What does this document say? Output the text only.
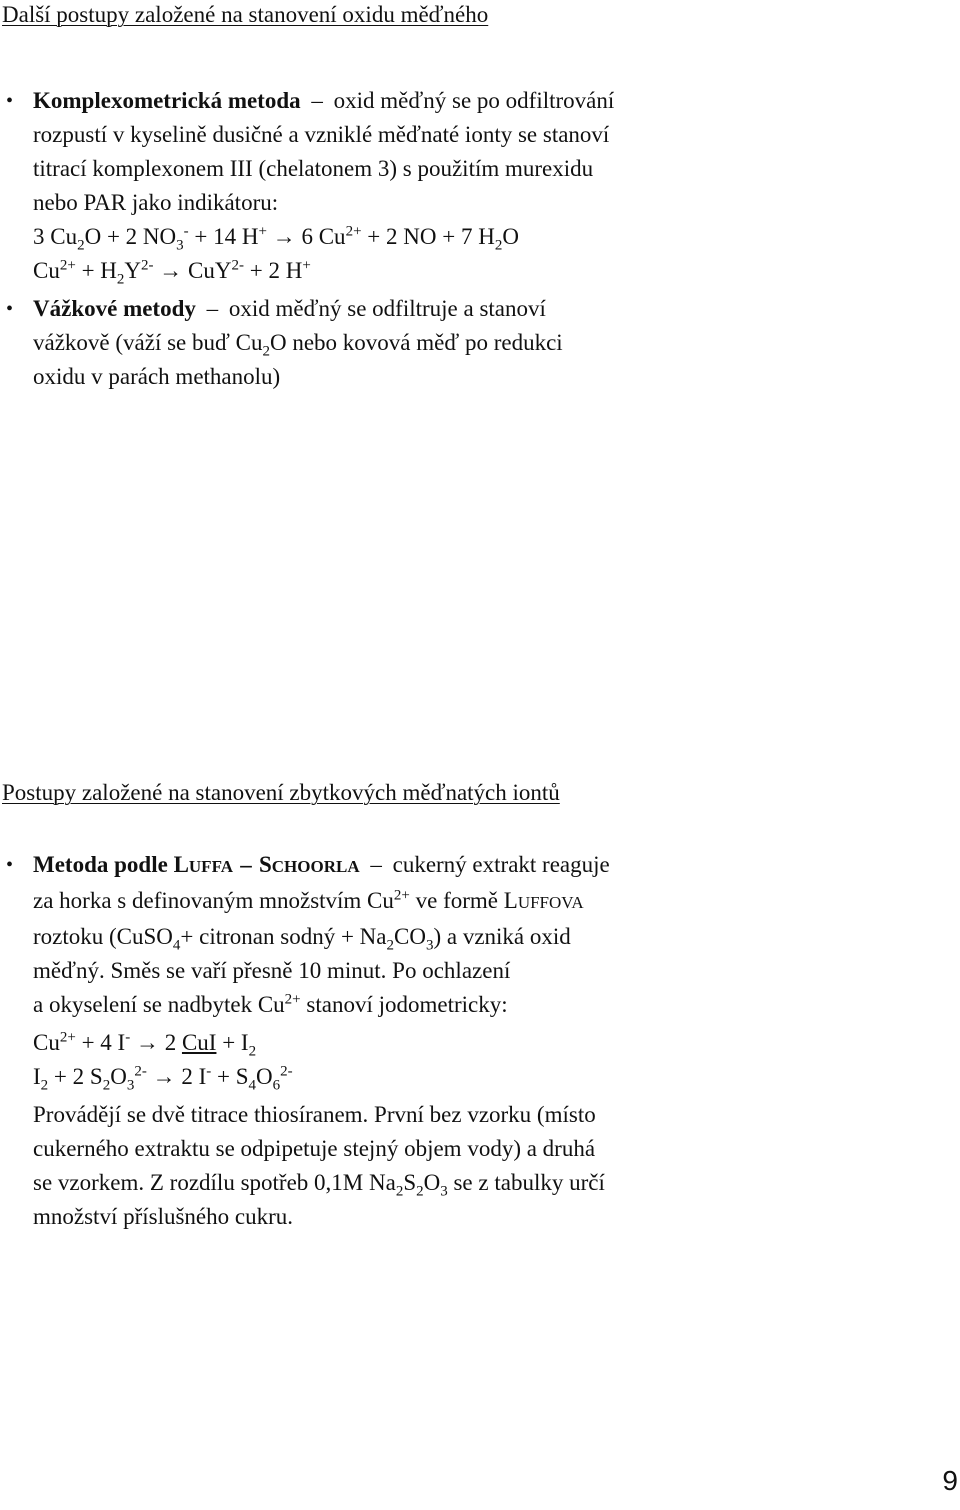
Další postupy založené na stanovení oxidu měďného
• Komplexometrická metoda – oxid měďný se po odfiltrování
rozpustí v kyselině dusičné a vzniklé měďnaté ionty se stanoví
titrací komplexonem III (chelatonem 3) s použitím murexidu
nebo PAR jako indikátoru:
3 $Cu_2O + 2$ $NO_3^- + 14$ H+ → 6 $Cu^{2+} + 2$ NO + 7 $H_2O$
$Cu^{2+} + H_2Y^{2-} \to CuY^{2-} + 2$ H+
• Vážkové metody – oxid měďný se odfiltruje a stanoví
vážkově (váží se buď $Cu_2O$ nebo kovová měď po redukci
oxidu v parách methanolu)
Postupy založené na stanovení zbytkových měďnatých iontů
• Metoda podle LUFFA – SCHOORLA – cukerný extrakt reaguje
za horka s definovaným množstvím $Cu^{2+}$ ve formě LUFFOVA
roztoku (CuSO$_4$+ citronan sodný + $Na_2CO_3$) a vzniká oxid
měďný. Směs se vaří přesně 10 minut. Po ochlazení
a okyselení se nadbytek $Cu^{2+}$ stanoví jodometricky:
$Cu^{2+} + 4$ I- → 2 CuI + $I_2$
$I_2 + 2$ $S_2O_3^{2-} \to 2$ $I^- + S_4O_6^{2-}$
Provádějí se dvě titrace thiosíranem. První bez vzorku (místo
cukerného extraktu se odpipetuje stejný objem vody) a druhá
se vzorkem. Z rozdílu spotřeb 0,1M $Na_2S_2O_3$ se z tabulky určí
množství příslušného cukru.
9
